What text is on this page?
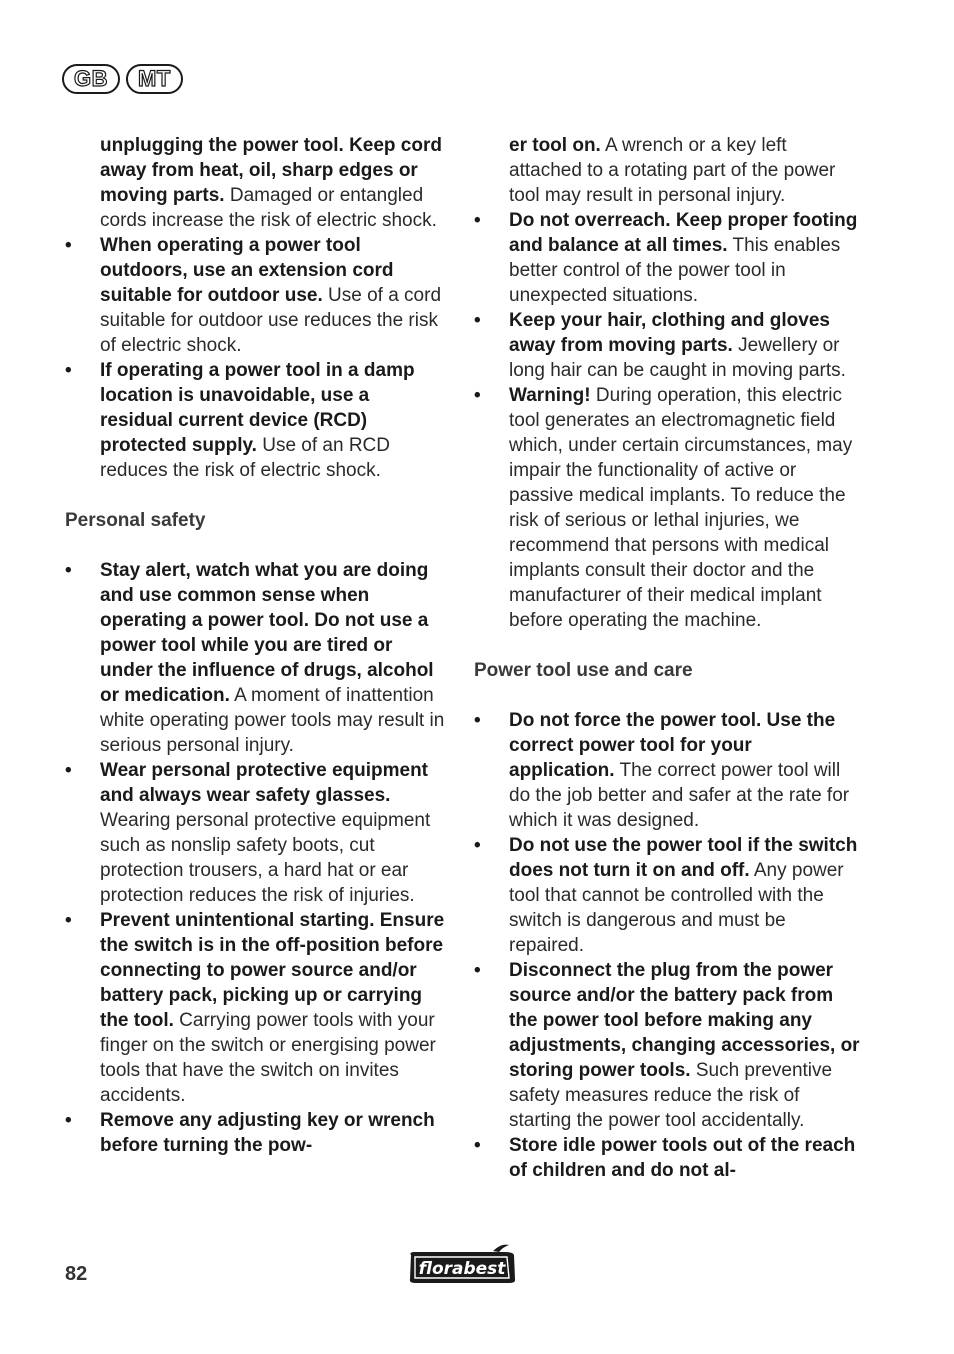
GB	MT
unplugging the power tool. Keep cord away from heat, oil, sharp edges or moving parts. Damaged or entangled cords increase the risk of electric shock.
• When operating a power tool outdoors, use an extension cord suitable for outdoor use. Use of a cord suitable for outdoor use reduces the risk of electric shock.
• If operating a power tool in a damp location is unavoidable, use a residual current device (RCD) protected supply. Use of an RCD reduces the risk of electric shock.
Personal safety
• Stay alert, watch what you are doing and use common sense when operating a power tool. Do not use a power tool while you are tired or under the influence of drugs, alcohol or medication. A moment of inattention white operating power tools may result in serious personal injury.
• Wear personal protective equipment and always wear safety glasses. Wearing personal protective equipment such as nonslip safety boots, cut protection trousers, a hard hat or ear protection reduces the risk of injuries.
• Prevent unintentional starting. Ensure the switch is in the off-position before connecting to power source and/or battery pack, picking up or carrying the tool. Carrying power tools with your finger on the switch or energising power tools that have the switch on invites accidents.
• Remove any adjusting key or wrench before turning the pow-
er tool on. A wrench or a key left attached to a rotating part of the power tool may result in personal injury.
• Do not overreach. Keep proper footing and balance at all times. This enables better control of the power tool in unexpected situations.
• Keep your hair, clothing and gloves away from moving parts. Jewellery or long hair can be caught in moving parts.
• Warning! During operation, this electric tool generates an electromagnetic field which, under certain circumstances, may impair the functionality of active or passive medical implants. To reduce the risk of serious or lethal injuries, we recommend that persons with medical implants consult their doctor and the manufacturer of their medical implant before operating the machine.
Power tool use and care
• Do not force the power tool. Use the correct power tool for your application. The correct power tool will do the job better and safer at the rate for which it was designed.
• Do not use the power tool if the switch does not turn it on and off. Any power tool that cannot be controlled with the switch is dangerous and must be repaired.
• Disconnect the plug from the power source and/or the battery pack from the power tool before making any adjustments, changing accessories, or storing power tools. Such preventive safety measures reduce the risk of starting the power tool accidentally.
• Store idle power tools out of the reach of children and do not al-
82	florabest
